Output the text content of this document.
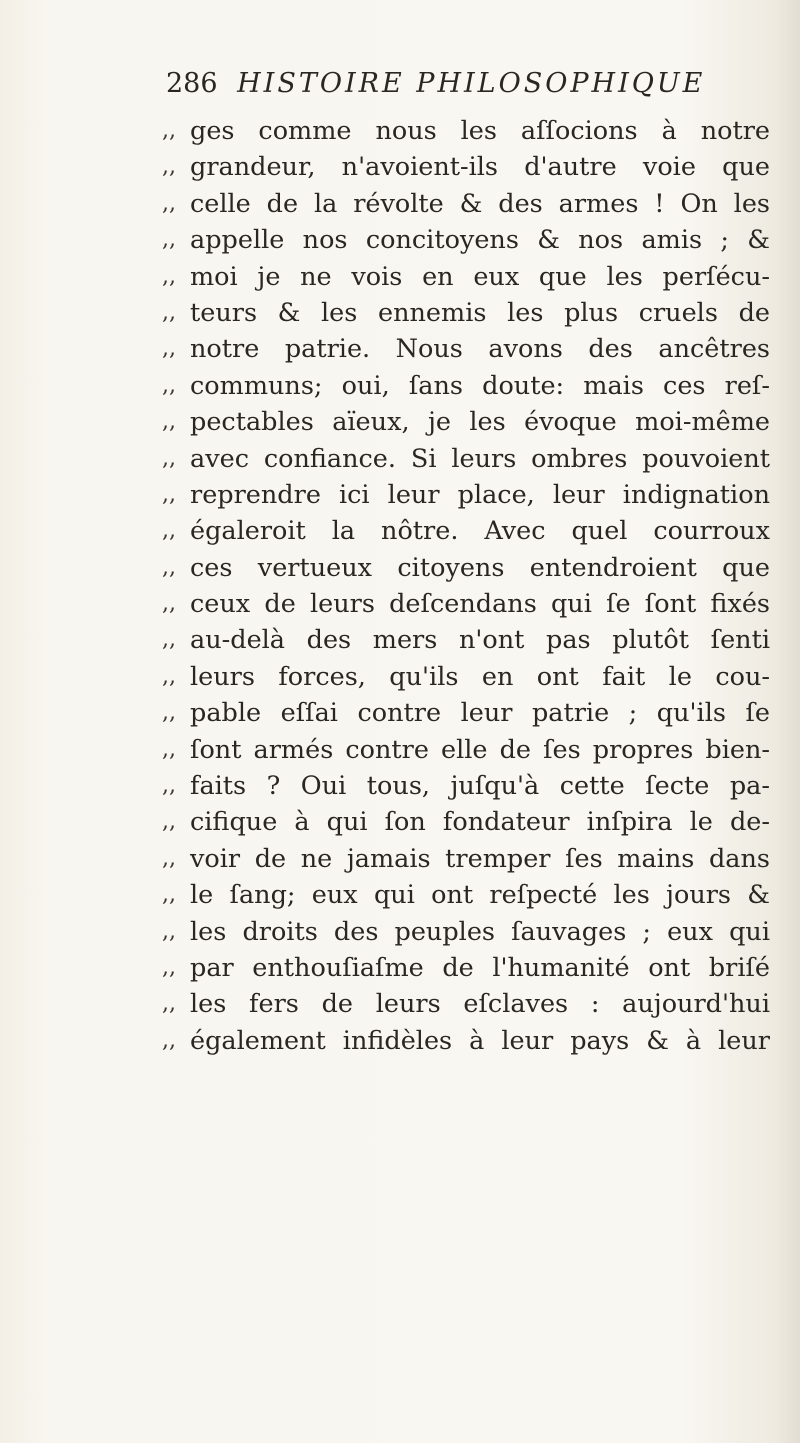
286 HISTOIRE PHILOSOPHIQUE
,, ges comme nous les aſſocions à notre
,, grandeur, n'avoient-ils d'autre voie que
,, celle de la révolte & des armes ! On les
,, appelle nos concitoyens & nos amis ; &
,, moi je ne vois en eux que les perſécu-
,, teurs & les ennemis les plus cruels de
,, notre patrie. Nous avons des ancêtres
,, communs; oui, ſans doute: mais ces reſ-
,, pectables aïeux, je les évoque moi-même
,, avec confiance. Si leurs ombres pouvoient
,, reprendre ici leur place, leur indignation
,, égaleroit la nôtre. Avec quel courroux
,, ces vertueux citoyens entendroient que
,, ceux de leurs deſcendans qui ſe ſont fixés
,, au-delà des mers n'ont pas plutôt ſenti
,, leurs forces, qu'ils en ont fait le cou-
,, pable eſſai contre leur patrie ; qu'ils ſe
,, ſont armés contre elle de ſes propres bien-
,, faits ? Oui tous, juſqu'à cette ſecte pa-
,, cifique à qui ſon fondateur inſpira le de-
,, voir de ne jamais tremper ſes mains dans
,, le ſang; eux qui ont reſpecté les jours &
,, les droits des peuples ſauvages ; eux qui
,, par enthouſiaſme de l'humanité ont briſé
,, les fers de leurs eſclaves : aujourd'hui
,, également infidèles à leur pays & à leur
